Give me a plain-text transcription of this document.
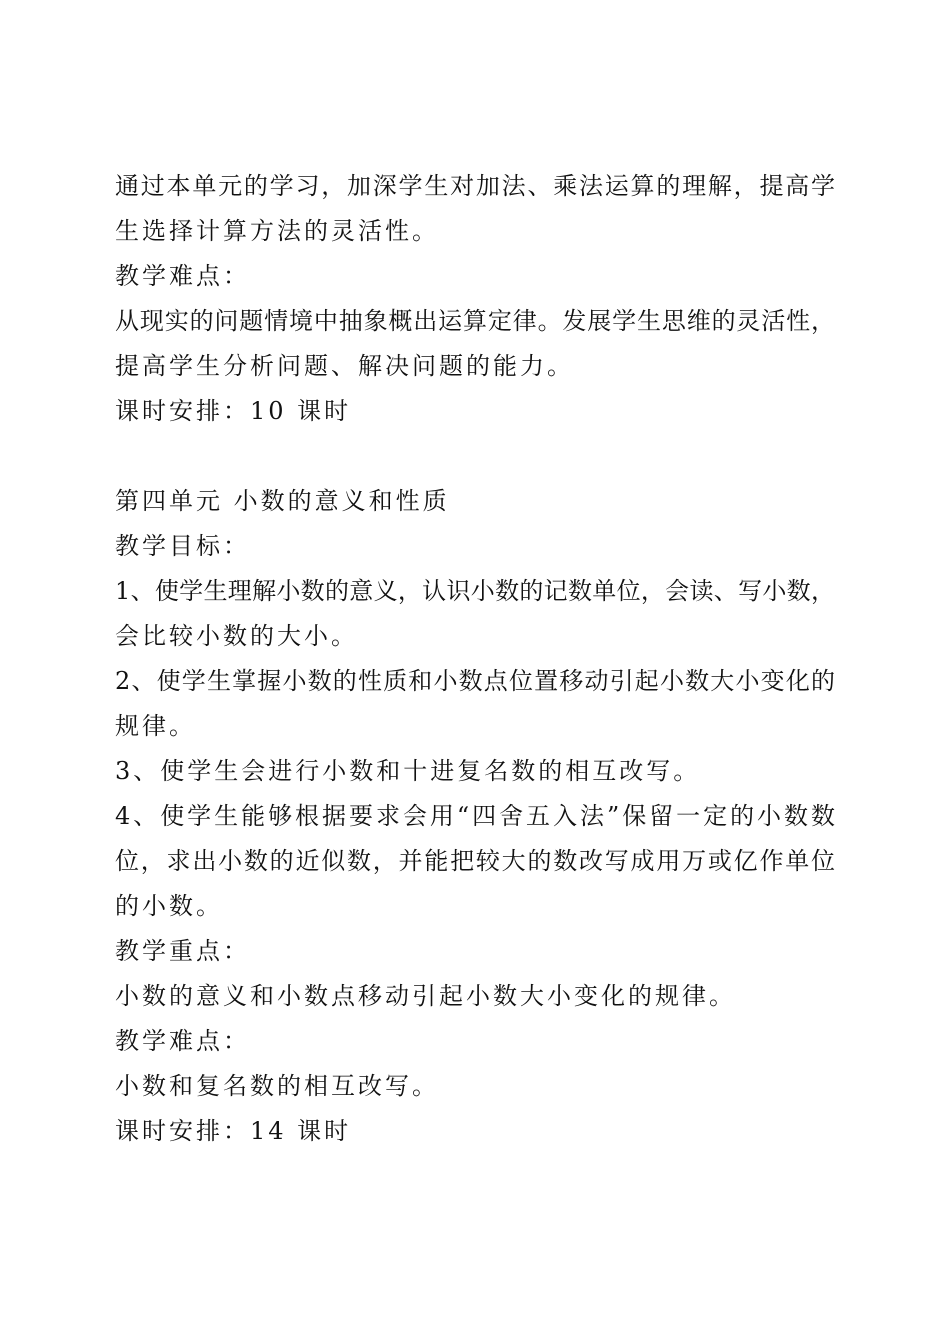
通过本单元的学习，加深学生对加法、乘法运算的理解，提高学
生选择计算方法的灵活性。
教学难点：
从现实的问题情境中抽象概出运算定律。发展学生思维的灵活性，
提高学生分析问题、解决问题的能力。
课时安排：10 课时
第四单元 小数的意义和性质
教学目标：
1、使学生理解小数的意义，认识小数的记数单位，会读、写小数，
会比较小数的大小。
2、使学生掌握小数的性质和小数点位置移动引起小数大小变化的
规律。
3、使学生会进行小数和十进复名数的相互改写。
4、使学生能够根据要求会用“四舍五入法”保留一定的小数数
位，求出小数的近似数，并能把较大的数改写成用万或亿作单位
的小数。
教学重点：
小数的意义和小数点移动引起小数大小变化的规律。
教学难点：
小数和复名数的相互改写。
课时安排：14 课时
